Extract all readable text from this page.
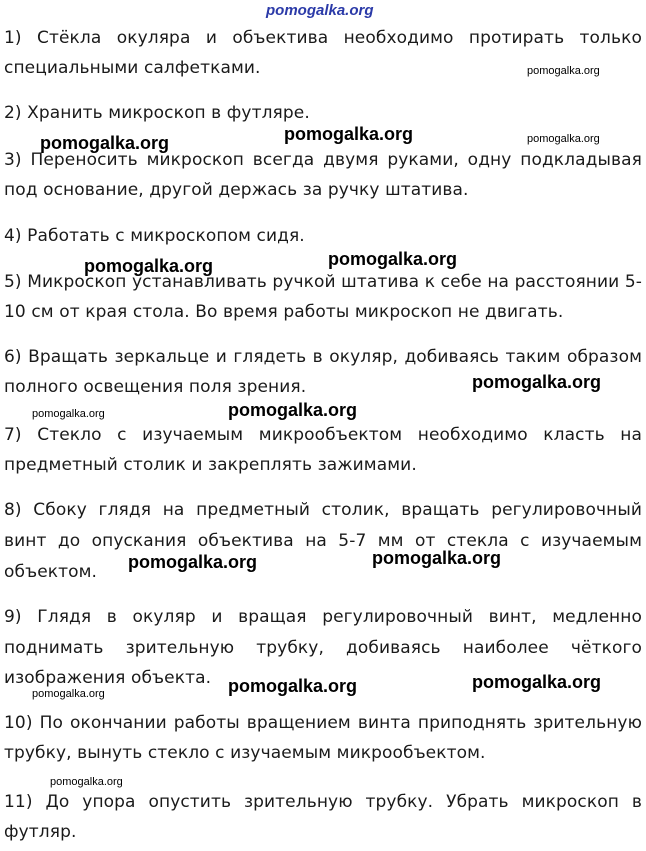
pomogalka.org
1) Стёкла окуляра и объектива необходимо протирать только
специальными салфетками.
2) Хранить микроскоп в футляре.
3) Переносить микроскоп всегда двумя руками, одну подкладывая
под основание, другой держась за ручку штатива.
4) Работать с микроскопом сидя.
5) Микроскоп устанавливать ручкой штатива к себе на расстоянии 5-
10 см от края стола. Во время работы микроскоп не двигать.
6) Вращать зеркальце и глядеть в окуляр, добиваясь таким образом
полного освещения поля зрения.
7) Стекло с изучаемым микрообъектом необходимо класть на
предметный столик и закреплять зажимами.
8) Сбоку глядя на предметный столик, вращать регулировочный
винт до опускания объектива на 5-7 мм от стекла с изучаемым
объектом.
9) Глядя в окуляр и вращая регулировочный винт, медленно
поднимать зрительную трубку, добиваясь наиболее чёткого
изображения объекта.
10) По окончании работы вращением винта приподнять зрительную
трубку, вынуть стекло с изучаемым микрообъектом.
11) До упора опустить зрительную трубку. Убрать микроскоп в
футляр.
pomogalka.org
pomogalka.org	pomogalka.org	pomogalka.org
pomogalka.org	pomogalka.org
pomogalka.org
pomogalka.org	pomogalka.org
pomogalka.org	pomogalka.org
pomogalka.org	pomogalka.org	pomogalka.org
pomogalka.org
